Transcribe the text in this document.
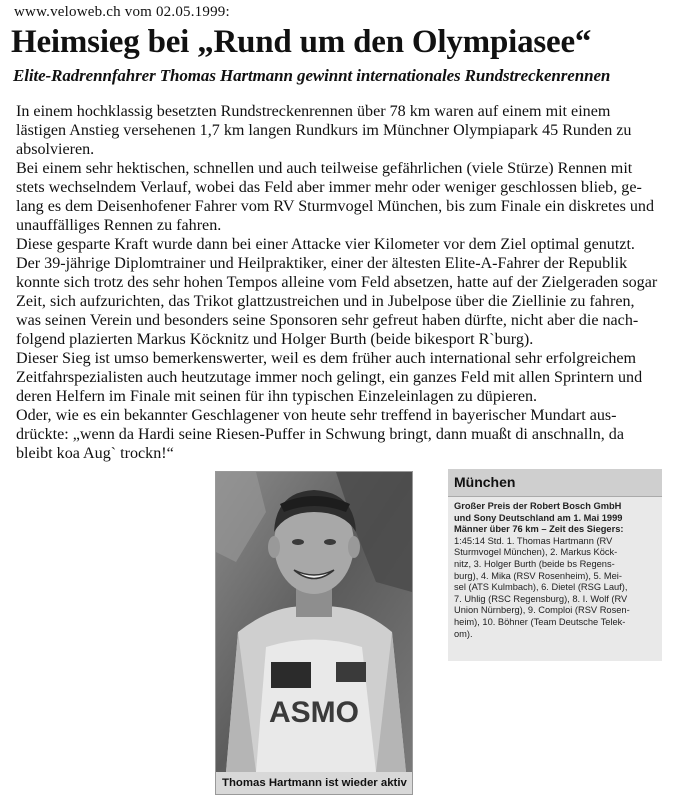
www.veloweb.ch vom 02.05.1999:
Heimsieg bei „Rund um den Olympiasee“
Elite-Radrennfahrer Thomas Hartmann gewinnt internationales Rundstreckenrennen

In einem hochklassig besetzten Rundstreckenrennen über 78 km waren auf einem mit einem

lästigen Anstieg versehenen 1,7 km langen Rundkurs im Münchner Olympiapark 45 Runden zu

absolvieren.

Bei einem sehr hektischen, schnellen und auch teilweise gefährlichen (viele Stürze) Rennen mit

stets wechselndem Verlauf, wobei das Feld aber immer mehr oder weniger geschlossen blieb, ge-

lang es dem Deisenhofener Fahrer vom RV Sturmvogel München, bis zum Finale ein diskretes und

unauffälliges Rennen zu fahren.

Diese gesparte Kraft wurde dann bei einer Attacke vier Kilometer vor dem Ziel optimal genutzt.

Der 39-jährige Diplomtrainer und Heilpraktiker, einer der ältesten Elite-A-Fahrer der Republik

konnte sich trotz des sehr hohen Tempos alleine vom Feld absetzen, hatte auf der Zielgeraden sogar

Zeit, sich aufzurichten, das Trikot glattzustreichen und in Jubelpose über die Ziellinie zu fahren,

was seinen Verein und besonders seine Sponsoren sehr gefreut haben dürfte, nicht aber die nach-

folgend plazierten Markus Köcknitz und Holger Burth (beide bikesport R`burg).

Dieser Sieg ist umso bemerkenswerter, weil es dem früher auch international sehr erfolgreichem

Zeitfahrspezialisten auch heutzutage immer noch gelingt, ein ganzes Feld mit allen Sprintern und

deren Helfern im Finale mit seinen für ihn typischen Einzeleinlagen zu düpieren.

Oder, wie es ein bekannter Geschlagener von heute sehr treffend in bayerischer Mundart aus-

drückte: „wenn da Hardi seine Riesen-Puffer in Schwung bringt, dann muaßt di anschnalln, da

bleibt koa Aug` trockn!“

ASMO
Thomas Hartmann ist wieder aktiv
München
Großer Preis der Robert Bosch GmbH
und Sony Deutschland am 1. Mai 1999
Männer über 76 km – Zeit des Siegers:
1:45:14 Std. 1. Thomas Hartmann (RV
Sturmvogel München), 2. Markus Köck-
nitz, 3. Holger Burth (beide bs Regens-
burg), 4. Mika (RSV Rosenheim), 5. Mei-
sel (ATS Kulmbach), 6. Dietel (RSG Lauf),
7. Uhlig (RSC Regensburg), 8. I. Wolf (RV
Union Nürnberg), 9. Comploi (RSV Rosen-
heim), 10. Böhner (Team Deutsche Telek-
om).
